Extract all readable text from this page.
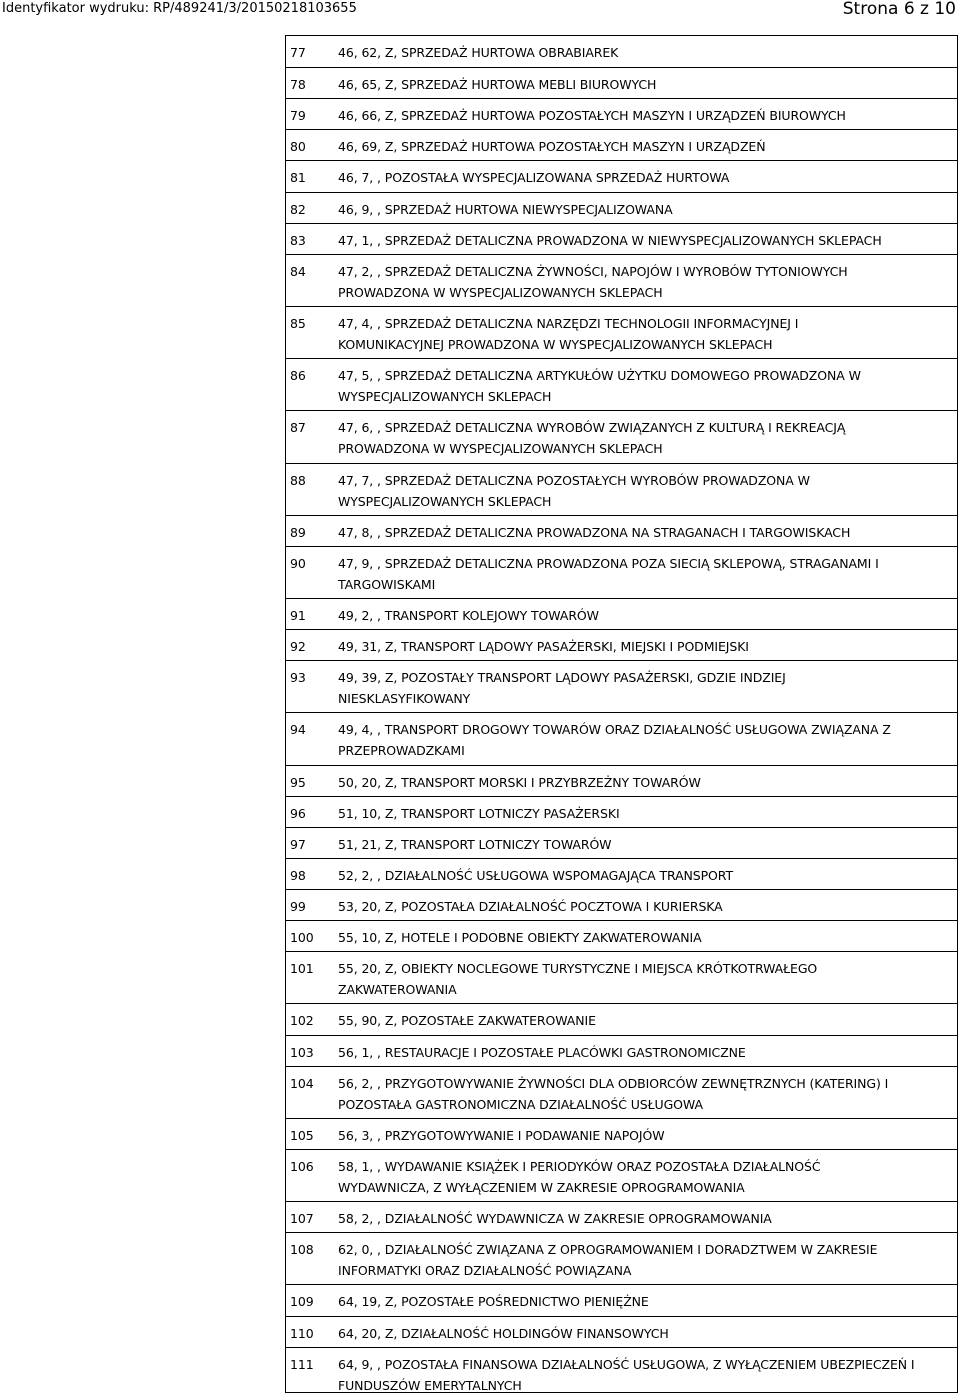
Identyfikator wydruku: RP/489241/3/20150218103655	Strona 6 z 10
77	46, 62, Z, SPRZEDAŻ HURTOWA OBRABIAREK
78	46, 65, Z, SPRZEDAŻ HURTOWA MEBLI BIUROWYCH
79	46, 66, Z, SPRZEDAŻ HURTOWA POZOSTAŁYCH MASZYN I URZĄDZEŃ BIUROWYCH
80	46, 69, Z, SPRZEDAŻ HURTOWA POZOSTAŁYCH MASZYN I URZĄDZEŃ
81	46, 7, , POZOSTAŁA WYSPECJALIZOWANA SPRZEDAŻ HURTOWA
82	46, 9, , SPRZEDAŻ HURTOWA NIEWYSPECJALIZOWANA
83	47, 1, , SPRZEDAŻ DETALICZNA PROWADZONA W NIEWYSPECJALIZOWANYCH SKLEPACH
84	47, 2, , SPRZEDAŻ DETALICZNA ŻYWNOŚCI, NAPOJÓW I WYROBÓW TYTONIOWYCH
PROWADZONA W WYSPECJALIZOWANYCH SKLEPACH
85	47, 4, , SPRZEDAŻ DETALICZNA NARZĘDZI TECHNOLOGII INFORMACYJNEJ I
KOMUNIKACYJNEJ PROWADZONA W WYSPECJALIZOWANYCH SKLEPACH
86	47, 5, , SPRZEDAŻ DETALICZNA ARTYKUŁÓW UŻYTKU DOMOWEGO PROWADZONA W
WYSPECJALIZOWANYCH SKLEPACH
87	47, 6, , SPRZEDAŻ DETALICZNA WYROBÓW ZWIĄZANYCH Z KULTURĄ I REKREACJĄ
PROWADZONA W WYSPECJALIZOWANYCH SKLEPACH
88	47, 7, , SPRZEDAŻ DETALICZNA POZOSTAŁYCH WYROBÓW PROWADZONA W
WYSPECJALIZOWANYCH SKLEPACH
89	47, 8, , SPRZEDAŻ DETALICZNA PROWADZONA NA STRAGANACH I TARGOWISKACH
90	47, 9, , SPRZEDAŻ DETALICZNA PROWADZONA POZA SIECIĄ SKLEPOWĄ, STRAGANAMI I
TARGOWISKAMI
91	49, 2, , TRANSPORT KOLEJOWY TOWARÓW
92	49, 31, Z, TRANSPORT LĄDOWY PASAŻERSKI, MIEJSKI I PODMIEJSKI
93	49, 39, Z, POZOSTAŁY TRANSPORT LĄDOWY PASAŻERSKI, GDZIE INDZIEJ
NIESKLASYFIKOWANY
94	49, 4, , TRANSPORT DROGOWY TOWARÓW ORAZ DZIAŁALNOŚĆ USŁUGOWA ZWIĄZANA Z
PRZEPROWADZKAMI
95	50, 20, Z, TRANSPORT MORSKI I PRZYBRZEŻNY TOWARÓW
96	51, 10, Z, TRANSPORT LOTNICZY PASAŻERSKI
97	51, 21, Z, TRANSPORT LOTNICZY TOWARÓW
98	52, 2, , DZIAŁALNOŚĆ USŁUGOWA WSPOMAGAJĄCA TRANSPORT
99	53, 20, Z, POZOSTAŁA DZIAŁALNOŚĆ POCZTOWA I KURIERSKA
100 55, 10, Z, HOTELE I PODOBNE OBIEKTY ZAKWATEROWANIA
101 55, 20, Z, OBIEKTY NOCLEGOWE TURYSTYCZNE I MIEJSCA KRÓTKOTRWAŁEGO
ZAKWATEROWANIA
102 55, 90, Z, POZOSTAŁE ZAKWATEROWANIE
103 56, 1, , RESTAURACJE I POZOSTAŁE PLACÓWKI GASTRONOMICZNE
104 56, 2, , PRZYGOTOWYWANIE ŻYWNOŚCI DLA ODBIORCÓW ZEWNĘTRZNYCH (KATERING) I
POZOSTAŁA GASTRONOMICZNA DZIAŁALNOŚĆ USŁUGOWA
105 56, 3, , PRZYGOTOWYWANIE I PODAWANIE NAPOJÓW
106 58, 1, , WYDAWANIE KSIĄŻEK I PERIODYKÓW ORAZ POZOSTAŁA DZIAŁALNOŚĆ
WYDAWNICZA, Z WYŁĄCZENIEM W ZAKRESIE OPROGRAMOWANIA
107 58, 2, , DZIAŁALNOŚĆ WYDAWNICZA W ZAKRESIE OPROGRAMOWANIA
108 62, 0, , DZIAŁALNOŚĆ ZWIĄZANA Z OPROGRAMOWANIEM I DORADZTWEM W ZAKRESIE
INFORMATYKI ORAZ DZIAŁALNOŚĆ POWIĄZANA
109 64, 19, Z, POZOSTAŁE POŚREDNICTWO PIENIĘŻNE
110 64, 20, Z, DZIAŁALNOŚĆ HOLDINGÓW FINANSOWYCH
111 64, 9, , POZOSTAŁA FINANSOWA DZIAŁALNOŚĆ USŁUGOWA, Z WYŁĄCZENIEM UBEZPIECZEŃ I
FUNDUSZÓW EMERYTALNYCH
